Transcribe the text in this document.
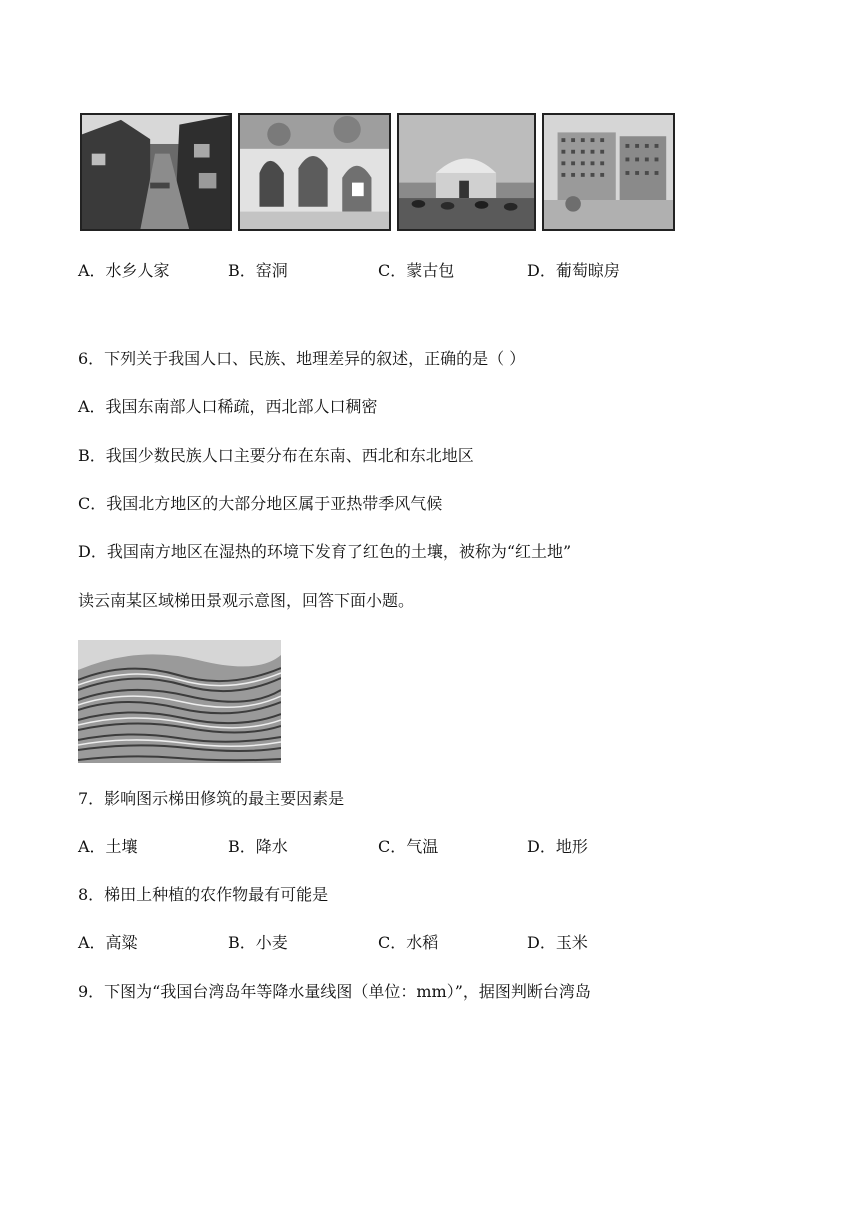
A．水乡人家	B．窑洞	C．蒙古包	D．葡萄晾房
6．下列关于我国人口、民族、地理差异的叙述，正确的是（ ）
A．我国东南部人口稀疏，西北部人口稠密
B．我国少数民族人口主要分布在东南、西北和东北地区
C．我国北方地区的大部分地区属于亚热带季风气候
D．我国南方地区在湿热的环境下发育了红色的土壤，被称为“红土地”
读云南某区域梯田景观示意图，回答下面小题。
7．影响图示梯田修筑的最主要因素是
A．土壤	B．降水	C．气温	D．地形
8．梯田上种植的农作物最有可能是
A．高粱	B．小麦	C．水稻	D．玉米
9．下图为“我国台湾岛年等降水量线图（单位：mm）”，据图判断台湾岛
